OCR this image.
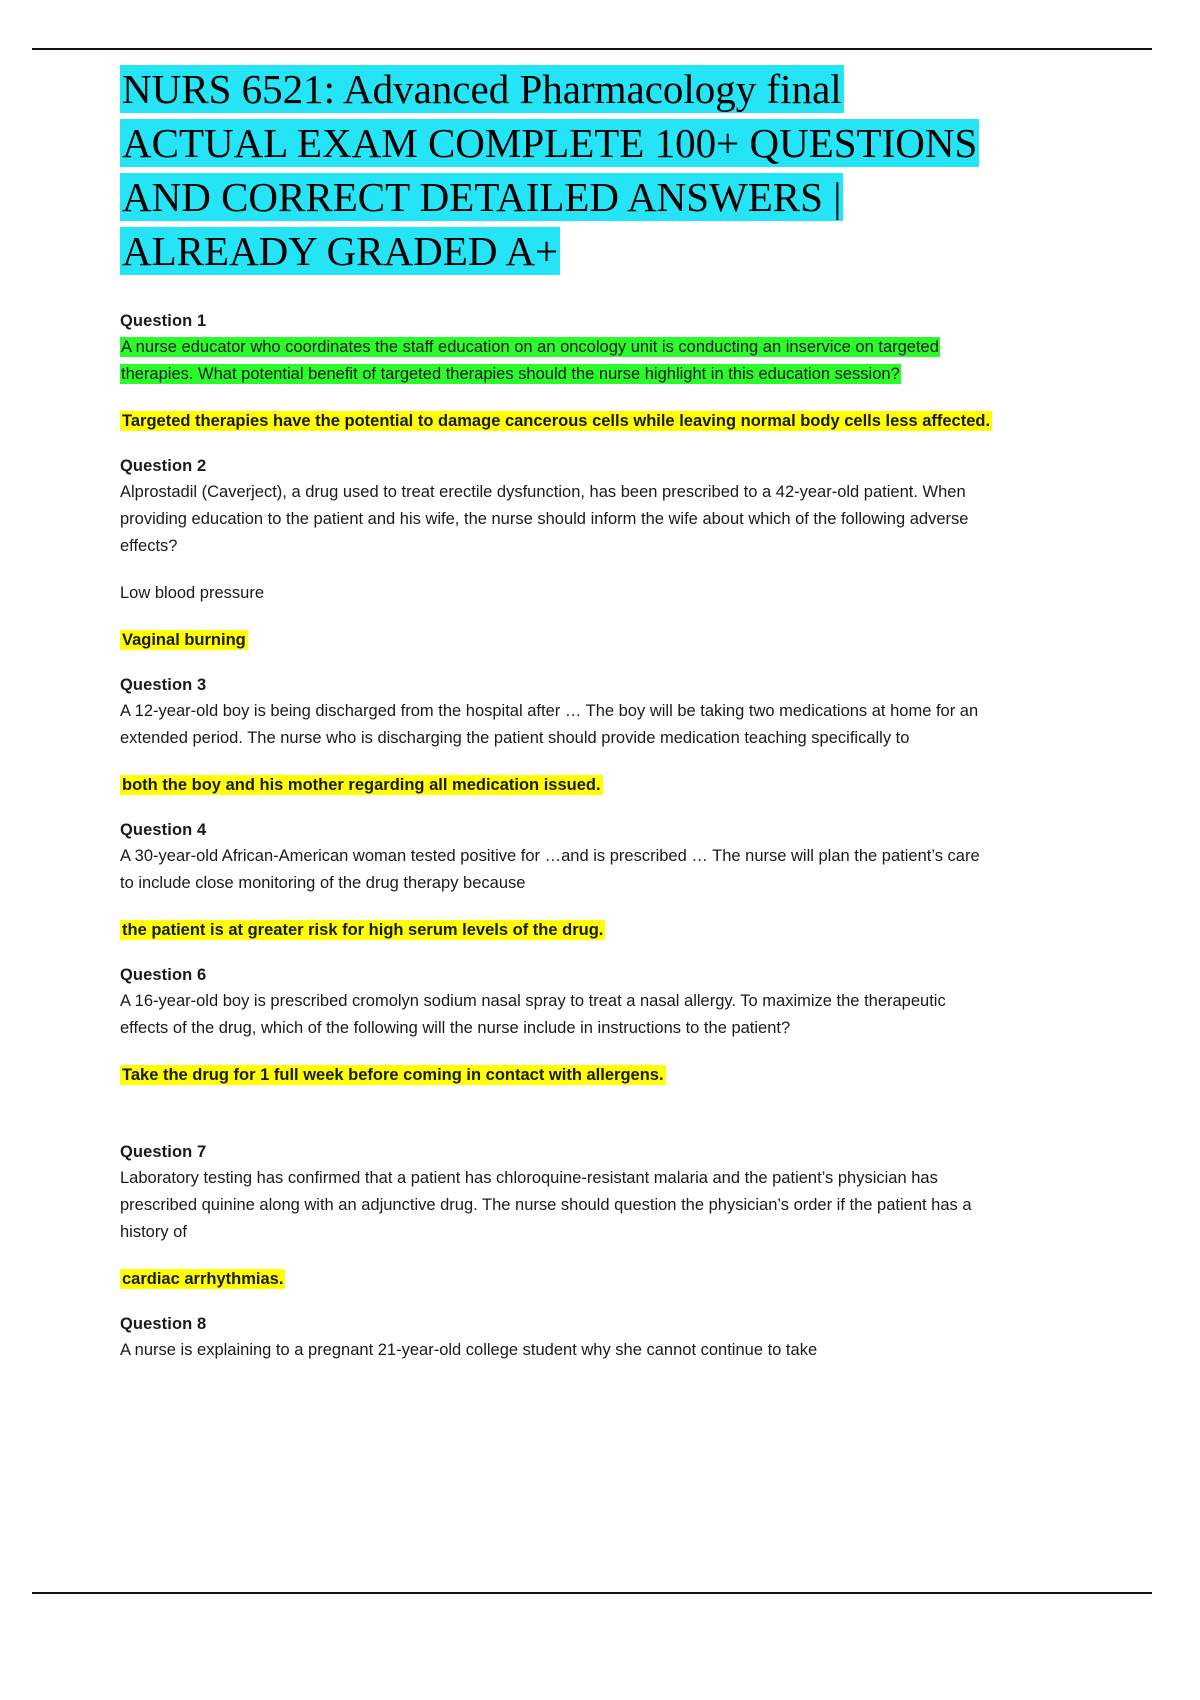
NURS 6521: Advanced Pharmacology final
ACTUAL EXAM COMPLETE 100+ QUESTIONS
AND CORRECT DETAILED ANSWERS |
ALREADY GRADED A+

Question 1

A nurse educator who coordinates the staff education on an oncology unit is conducting an inservice on targeted therapies. What potential benefit of targeted therapies should the nurse highlight in this education session?

Targeted therapies have the potential to damage cancerous cells while leaving normal body cells less affected.

Question 2

Alprostadil (Caverject), a drug used to treat erectile dysfunction, has been prescribed to a 42-year-old patient. When providing education to the patient and his wife, the nurse should inform the wife about which of the following adverse effects?

Low blood pressure

Vaginal burning

Question 3

A 12-year-old boy is being discharged from the hospital after … The boy will be taking two medications at home for an extended period. The nurse who is discharging the patient should provide medication teaching specifically to

both the boy and his mother regarding all medication issued.

Question 4

A 30-year-old African-American woman tested positive for …and is prescribed … The nurse will plan the patient’s care to include close monitoring of the drug therapy because

the patient is at greater risk for high serum levels of the drug.

Question 6

A 16-year-old boy is prescribed cromolyn sodium nasal spray to treat a nasal allergy. To maximize the therapeutic effects of the drug, which of the following will the nurse include in instructions to the patient?

Take the drug for 1 full week before coming in contact with allergens.

Question 7

Laboratory testing has confirmed that a patient has chloroquine-resistant malaria and the patient’s physician has prescribed quinine along with an adjunctive drug. The nurse should question the physician’s order if the patient has a history of

cardiac arrhythmias.

Question 8

A nurse is explaining to a pregnant 21-year-old college student why she cannot continue to take
